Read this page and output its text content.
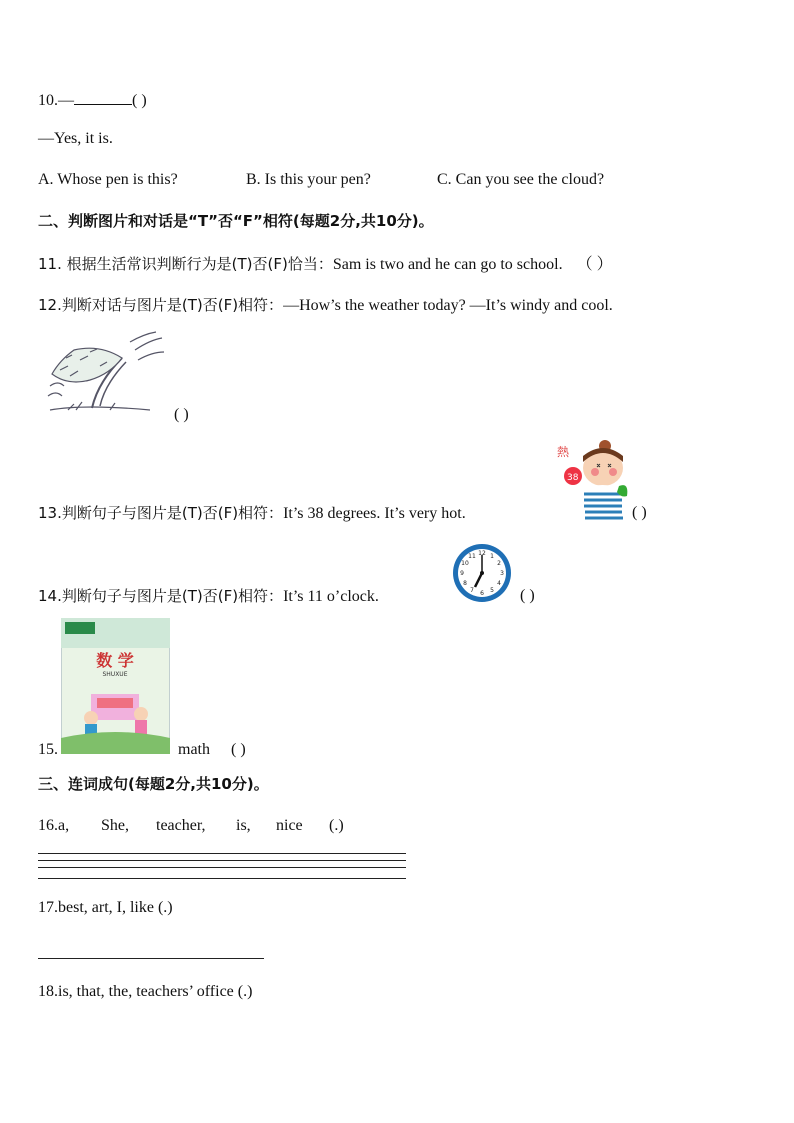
10.—	( )
—Yes, it is.
A. Whose pen is this?	B. Is this your pen?	C. Can you see the cloud?
二、判断图片和对话是“T”否“F”相符(每题2分,共10分)。
11. 根据生活常识判断行为是(T)否(F)恰当：Sam is two and he can go to school. （ ）
12.判断对话与图片是(T)否(F)相符：—How’s the weather today? —It’s windy and cool.
( )
13.判断句子与图片是(T)否(F)相符：It’s 38 degrees. It’s very hot.
熱
38
( )
14.判断句子与图片是(T)否(F)相符：It’s 11 o’clock.
12 1
2
3
4
5
6
7
8
9
10
11
( )
15.
数 学
SHUXUE
math ( )
三、连词成句(每题2分,共10分)。
16.a, She, teacher, is, nice (.)
17.best, art, I, like (.)
18.is, that, the, teachers’ office (.)
